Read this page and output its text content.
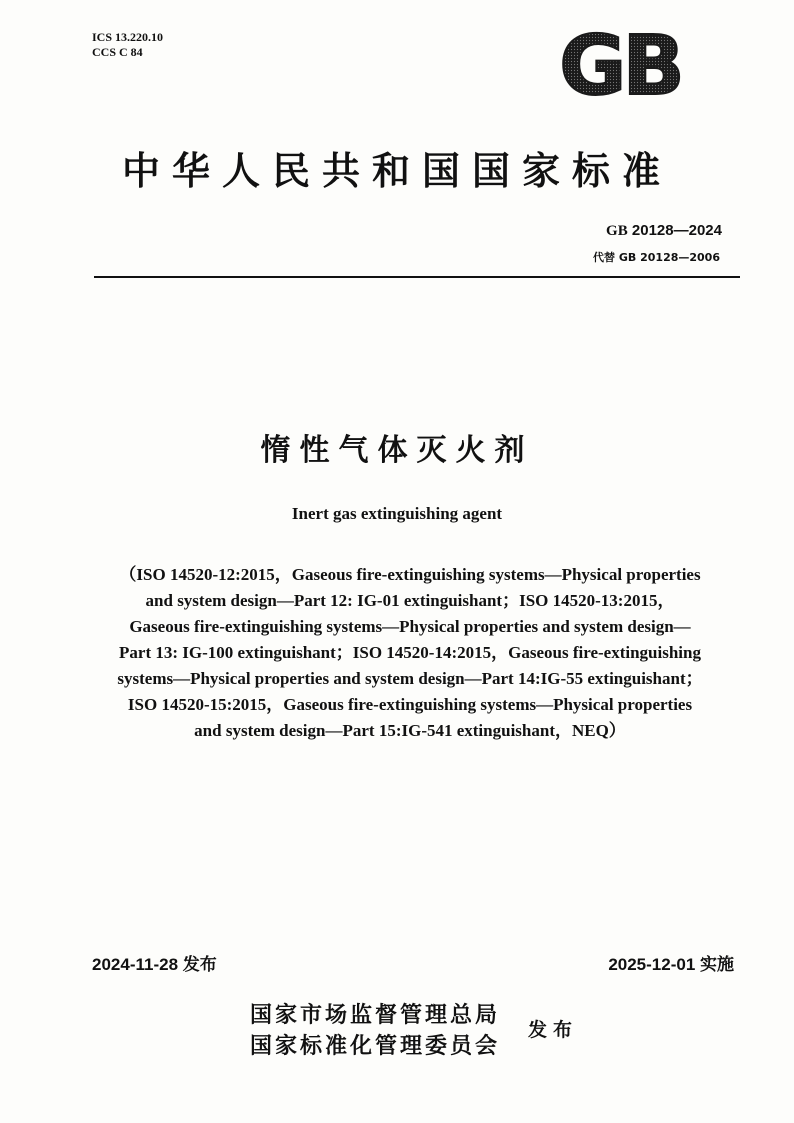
ICS 13.220.10
CCS C 84	GB
中华人民共和国国家标准
GB 20128—2024
代替 GB 20128—2006
惰性气体灭火剂
Inert gas extinguishing agent
（ISO 14520-12:2015，Gaseous fire-extinguishing systems—Physical properties
and system design—Part 12: IG-01 extinguishant；ISO 14520-13:2015，
Gaseous fire-extinguishing systems—Physical properties and system design—
Part 13: IG-100 extinguishant；ISO 14520-14:2015，Gaseous fire-extinguishing
systems—Physical properties and system design—Part 14:IG-55 extinguishant；
ISO 14520-15:2015，Gaseous fire-extinguishing systems—Physical properties
and system design—Part 15:IG-541 extinguishant，NEQ）
2024-11-28 发布	2025-12-01 实施
国家市场监督管理总局
国家标准化管理委员会
发布
